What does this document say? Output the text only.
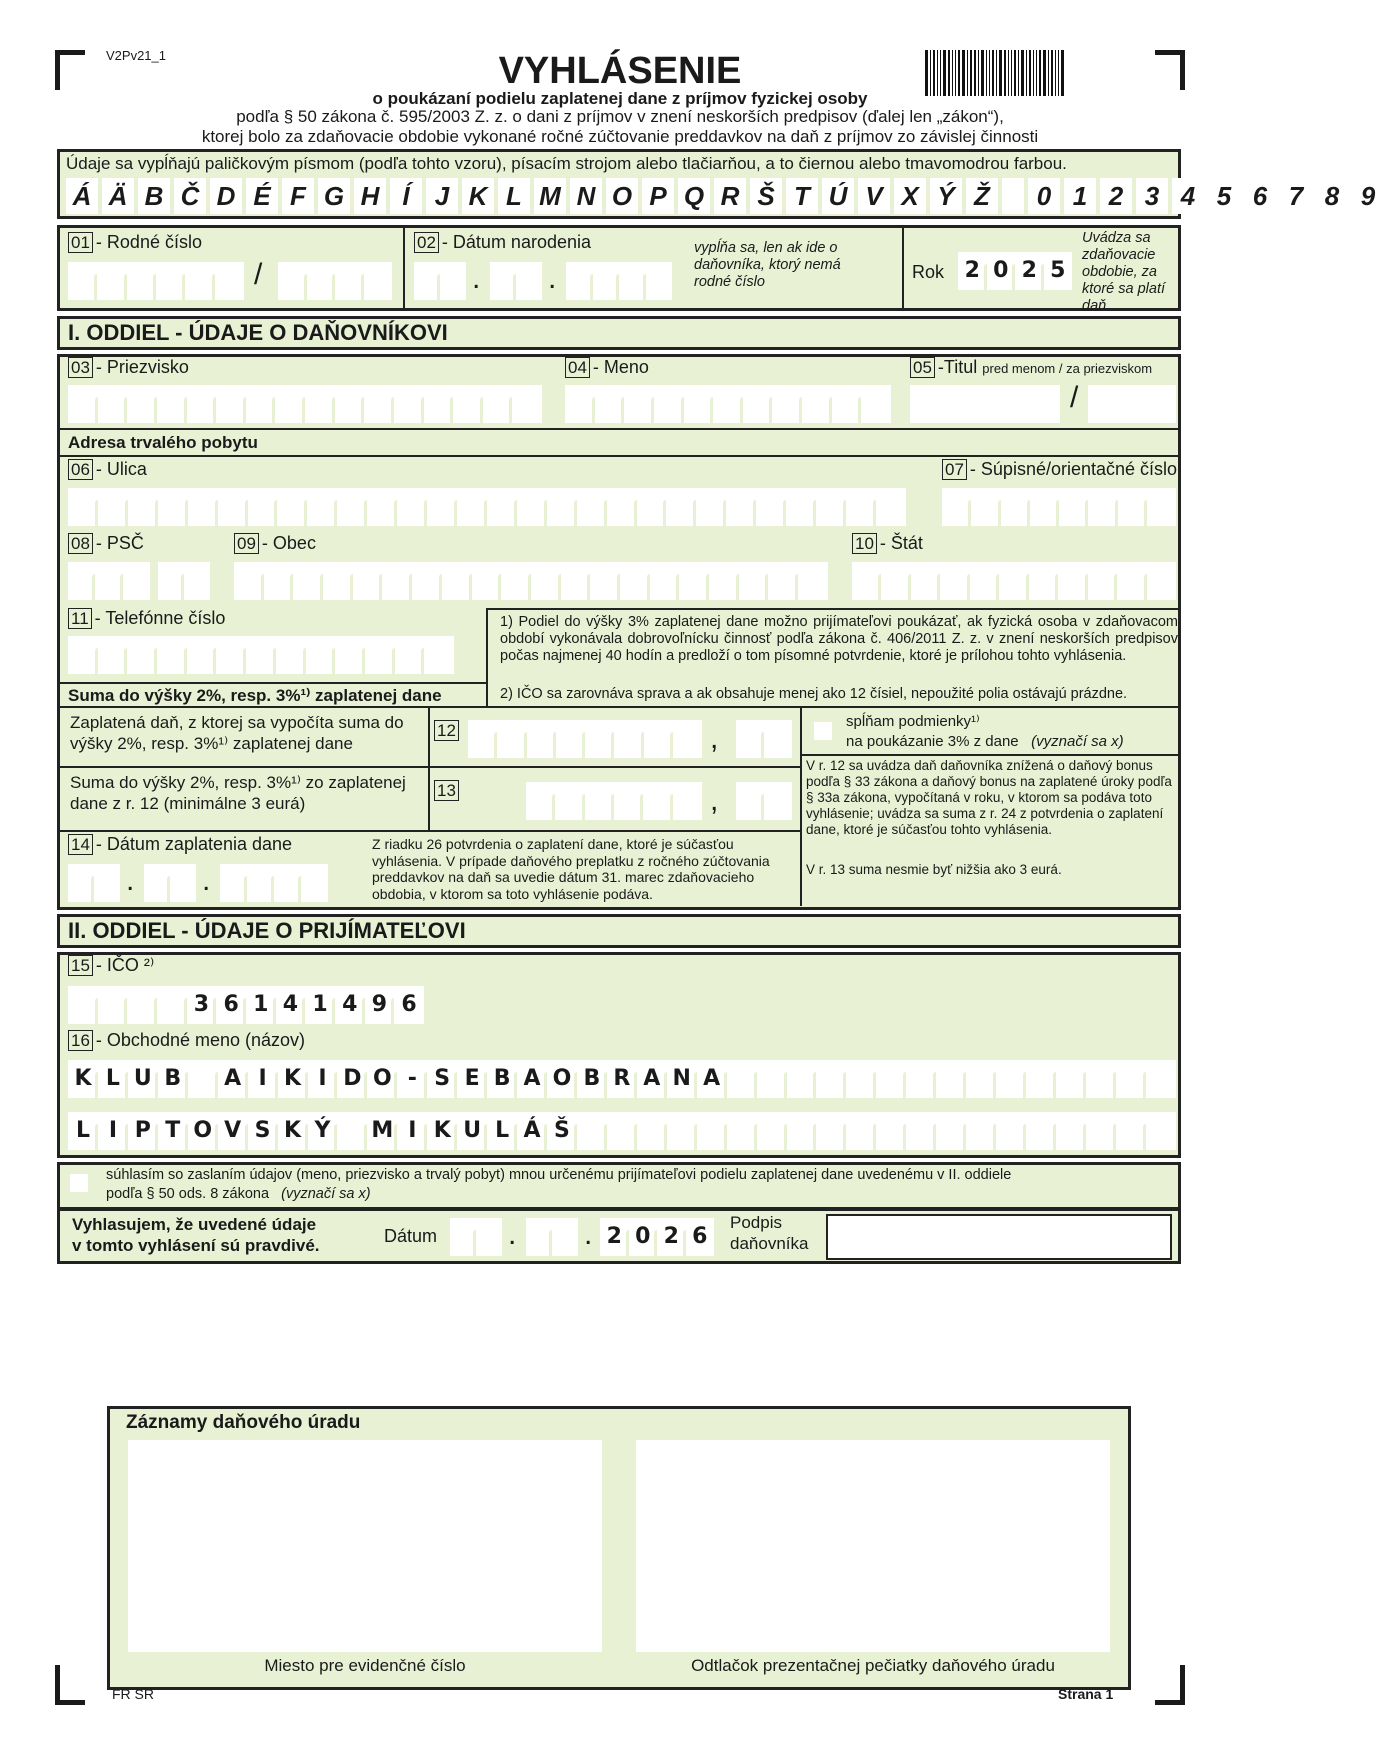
V2Pv21_1	VYHLÁSENIE
o poukázaní podielu zaplatenej dane z príjmov fyzickej osoby
podľa § 50 zákona č. 595/2003 Z. z. o dani z príjmov v znení neskorších predpisov (ďalej len „zákon“),
ktorej bolo za zdaňovacie obdobie vykonané ročné zúčtovanie preddavkov na daň z príjmov zo závislej činnosti
Údaje sa vypĺňajú paličkovým písmom (podľa tohto vzoru), písacím strojom alebo tlačiarňou, a to čiernou alebo tmavomodrou farbou.
Á Ä B Č D É F G H Í J K L M N O P Q R Š T Ú V X Ý Ž	0 1 2 3 4 5 6 7 8 9
01 - Rodné číslo
/
02 - Dátum narodenia
. .
vypĺňa sa, len ak ide o daňovníka, ktorý nemá rodné číslo	Rok 2 0 2 5
Uvádza sa zdaňovacie obdobie, za ktoré sa platí daň
I. ODDIEL - ÚDAJE O DAŇOVNÍKOVI
03 - Priezvisko	04 - Meno	05 -Titul pred menom / za priezviskom
/
Adresa trvalého pobytu
06 - Ulica	07 - Súpisné/orientačné číslo
08 - PSČ	09 - Obec	10 - Štát
11 - Telefónne číslo	1) Podiel do výšky 3% zaplatenej dane možno prijímateľovi poukázať, ak fyzická osoba v zdaňovacom období vykonávala dobrovoľnícku činnosť podľa zákona č. 406/2011 Z. z. v znení neskorších predpisov počas najmenej 40 hodín a predloží o tom písomné potvrdenie, ktoré je prílohou tohto vyhlásenia.
2) IČO sa zarovnáva sprava a ak obsahuje menej ako 12 čísiel, nepoužité polia ostávajú prázdne.
Suma do výšky 2%, resp. 3%¹⁾ zaplatenej dane
Zaplatená daň, z ktorej sa vypočíta suma do výšky 2%, resp. 3%¹⁾ zaplatenej dane
12	,
Suma do výšky 2%, resp. 3%¹⁾ zo zaplatenej dane z r. 12 (minimálne 3 eurá)
13	,
spĺňam podmienky¹⁾
na poukázanie 3% z dane (vyznačí sa x)
V r. 12 sa uvádza daň daňovníka znížená o daňový bonus podľa § 33 zákona a daňový bonus na zaplatené úroky podľa § 33a zákona, vypočítaná v roku, v ktorom sa podáva toto vyhlásenie; uvádza sa suma z r. 24 z potvrdenia o zaplatení dane, ktoré je súčasťou tohto vyhlásenia.
V r. 13 suma nesmie byť nižšia ako 3 eurá.
14 - Dátum zaplatenia dane
. .
Z riadku 26 potvrdenia o zaplatení dane, ktoré je súčasťou vyhlásenia. V prípade daňového preplatku z ročného zúčtovania preddavkov na daň sa uvedie dátum 31. marec zdaňovacieho obdobia, v ktorom sa toto vyhlásenie podáva.
II. ODDIEL - ÚDAJE O PRIJÍMATEĽOVI
15 - IČO ²⁾
3 6 1 4 1 4 9 6
16 - Obchodné meno (názov)
K L U B A I K I D O - S E B A O B R A N A
L I P T O V S K Ý	M I K U L Á Š
súhlasím so zaslaním údajov (meno, priezvisko a trvalý pobyt) mnou určenému prijímateľovi podielu zaplatenej dane uvedenému v II. oddiele
podľa § 50 ods. 8 zákona (vyznačí sa x)
Vyhlasujem, že uvedené údaje
v tomto vyhlásení sú pravdivé.	Dátum . . 2 0 2 6
Podpis
daňovníka
Záznamy daňového úradu
Miesto pre evidenčné číslo	Odtlačok prezentačnej pečiatky daňového úradu
FR SR	Strana 1
